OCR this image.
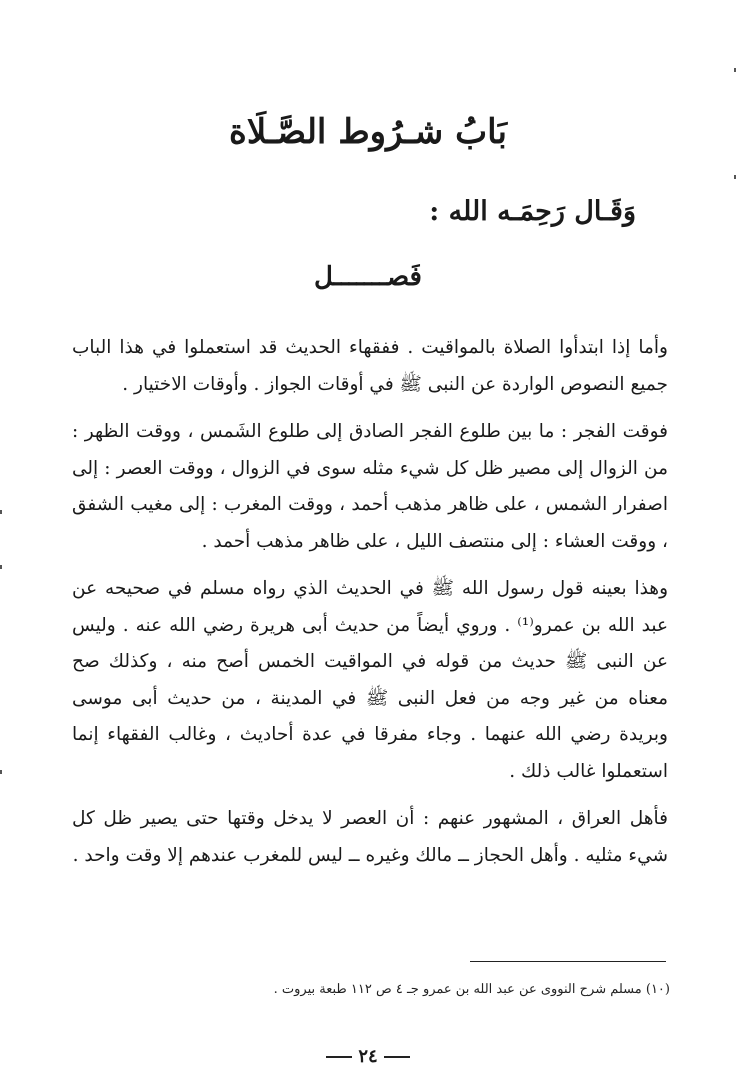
بَابُ شـرُوط الصَّـلَاة
وَقَـال رَحِمَـه الله :
فَصـــــــل

وأما إذا ابتدأوا الصلاة بالمواقيت . ففقهاء الحديث قد استعملوا في هذا الباب جميع النصوص الواردة عن النبى ﷺ في أوقات الجواز . وأوقات الاختيار .

فوقت الفجر : ما بين طلوع الفجر الصادق إلى طلوع الشَمس ، ووقت الظهر : من الزوال إلى مصير ظل كل شيء مثله سوى في الزوال ، ووقت العصر : إلى اصفرار الشمس ، على ظاهر مذهب أحمد ، ووقت المغرب : إلى مغيب الشفق ، ووقت العشاء : إلى منتصف الليل ، على ظاهر مذهب أحمد .

وهذا بعينه قول رسول الله ﷺ في الحديث الذي رواه مسلم في صحيحه عن عبد الله بن عمرو⁽¹⁾ . وروي أيضاً من حديث أبى هريرة رضي الله عنه . وليس عن النبى ﷺ حديث من قوله في المواقيت الخمس أصح منه ، وكذلك صح معناه من غير وجه من فعل النبى ﷺ في المدينة ، من حديث أبى موسى وبريدة رضي الله عنهما . وجاء مفرقا في عدة أحاديث ، وغالب الفقهاء إنما استعملوا غالب ذلك .

فأهل العراق ، المشهور عنهم : أن العصر لا يدخل وقتها حتى يصير ظل كل شيء مثليه . وأهل الحجاز ــ مالك وغيره ــ ليس للمغرب عندهم إلا وقت واحد .

(١٠) مسلم شرح النووى عن عبد الله بن عمرو جـ ٤ ص ١١٢ طبعة بيروت .
٢٤
